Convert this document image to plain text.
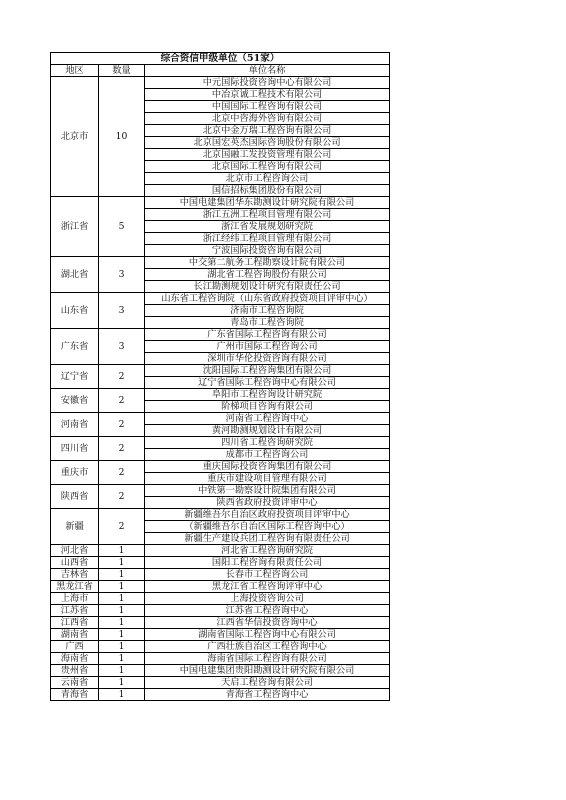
综合资信甲级单位（51家）		
地区	数量	单位名称
北京市	10	中元国际投资咨询中心有限公司
		中冶京诚工程技术有限公司
		中国国际工程咨询有限公司
		北京中咨海外咨询有限公司
		北京中金万瑞工程咨询有限公司
		北京国宏英杰国际咨询股份有限公司
		北京国融工发投资管理有限公司
		北京国际工程咨询有限公司
		北京市工程咨询公司
		国信招标集团股份有限公司
浙江省	5	中国电建集团华东勘测设计研究院有限公司
		浙江五洲工程项目管理有限公司
		浙江省发展规划研究院
		浙江经纬工程项目管理有限公司
		宁波国际投资咨询有限公司
湖北省	3	中交第二航务工程勘察设计院有限公司
		湖北省工程咨询股份有限公司
		长江勘测规划设计研究有限责任公司
山东省	3	山东省工程咨询院（山东省政府投资项目评审中心）
		济南市工程咨询院
		青岛市工程咨询院
广东省	3	广东省国际工程咨询有限公司
		广州市国际工程咨询公司
		深圳市华伦投资咨询有限公司
辽宁省	2	沈阳国际工程咨询集团有限公司
		辽宁省国际工程咨询中心有限公司
安徽省	2	阜阳市工程咨询设计研究院
		阶梯项目咨询有限公司
河南省	2	河南省工程咨询中心
		黄河勘测规划设计有限公司
四川省	2	四川省工程咨询研究院
		成都市工程咨询公司
重庆市	2	重庆国际投资咨询集团有限公司
		重庆市建设项目管理有限公司
陕西省	2	中铁第一勘察设计院集团有限公司
		陕西省政府投资评审中心
新疆	2	新疆维吾尔自治区政府投资项目评审中心
		（新疆维吾尔自治区国际工程咨询中心）
		新疆生产建设兵团工程咨询有限责任公司
河北省	1	河北省工程咨询研究院
山西省	1	国阳工程咨询有限责任公司
吉林省	1	长春市工程咨询公司
黑龙江省	1	黑龙江省工程咨询评审中心
上海市	1	上海投资咨询公司
江苏省	1	江苏省工程咨询中心
江西省	1	江西省华信投资咨询中心
湖南省	1	湖南省国际工程咨询中心有限公司
广西	1	广西壮族自治区工程咨询中心
海南省	1	海南省国际工程咨询有限公司
贵州省	1	中国电建集团贵阳勘测设计研究院有限公司
云南省	1	天启工程咨询有限公司
青海省	1	青海省工程咨询中心
